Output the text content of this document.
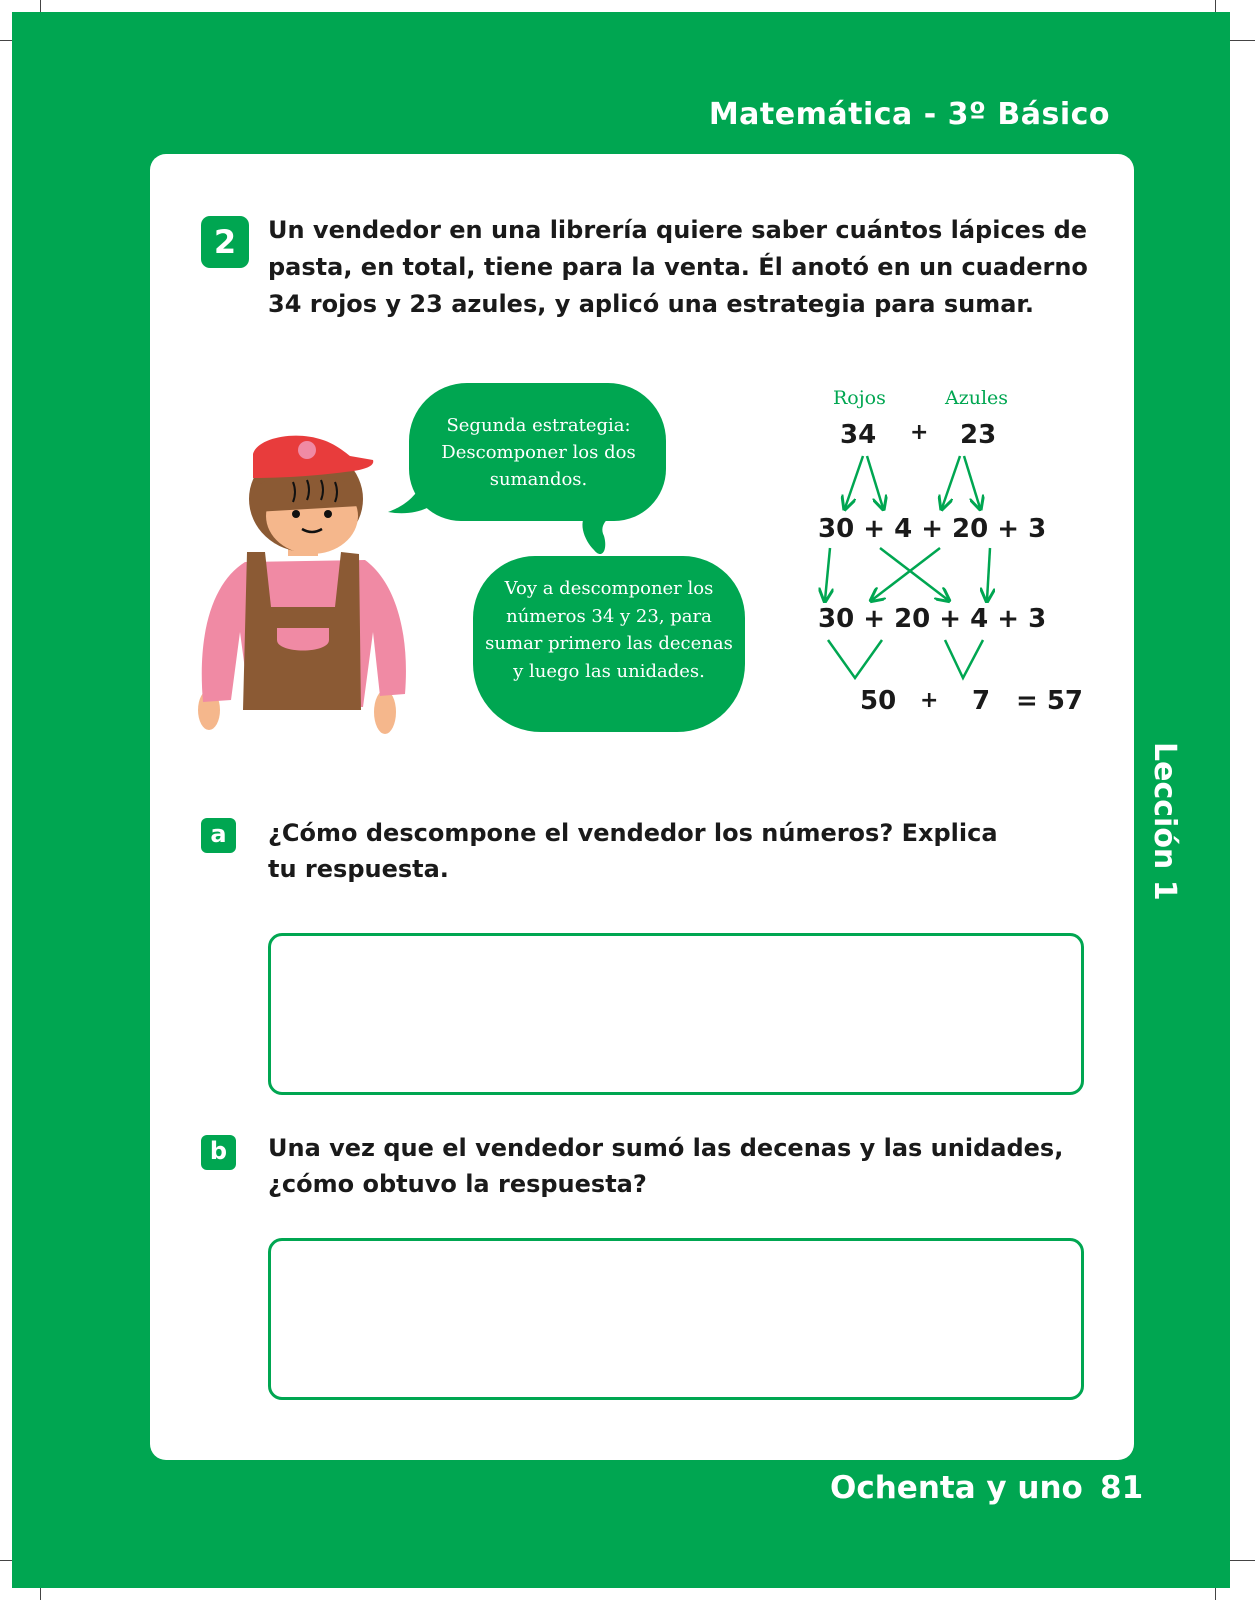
Matemática - 3º Básico
2	Un vendedor en una librería quiere saber cuántos lápices de pasta, en total, tiene para la venta. Él anotó en un cuaderno 34 rojos y 23 azules, y aplicó una estrategia para sumar.
Segunda estrategia: Descomponer los dos sumandos.
Voy a descomponer los números 34 y 23, para sumar primero las decenas y luego las unidades.
Rojos	Azules
34 + 23
30 + 4 + 20 + 3
30 + 20 + 4 + 3
50 + 7 = 57
a	¿Cómo descompone el vendedor los números? Explica tu respuesta.
b	Una vez que el vendedor sumó las decenas y las unidades, ¿cómo obtuvo la respuesta?
Lección 1
Ochenta y uno 81
